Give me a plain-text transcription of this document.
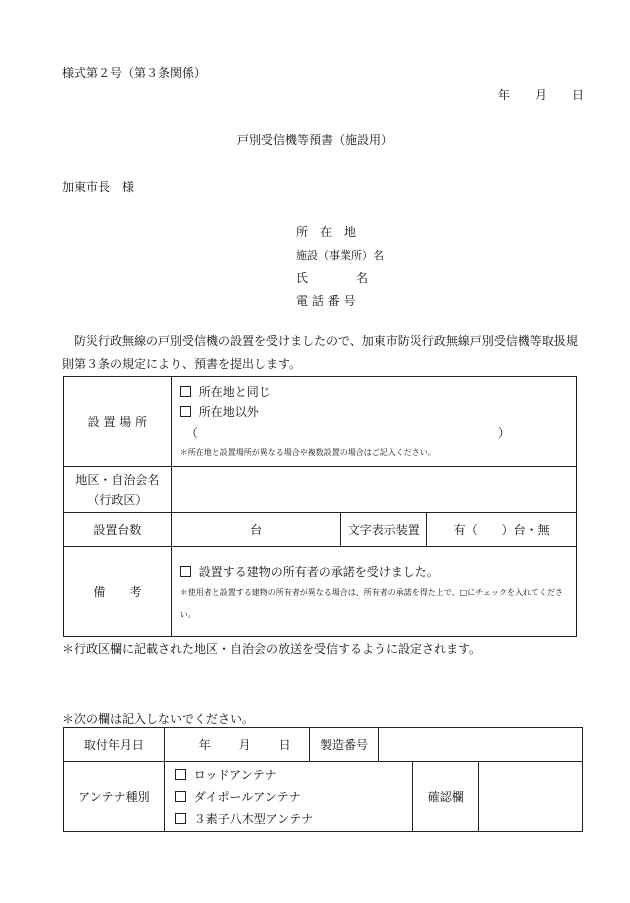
様式第２号（第３条関係）
年 月 日
戸別受信機等預書（施設用）
加東市長　様
所　在　地
施設（事業所）名
氏　　　　名
電 話 番 号
防災行政無線の戸別受信機の設置を受けましたので、加東市防災行政無線戸別受信機等取扱規則第３条の規定により、預書を提出します。
設 置 場 所	所在地と同じ
所在地以外
（ ）
＊所在地と設置場所が異なる場合や複数設置の場合はご記入ください。		

地区・自治会名
（行政区）			

設置台数	台	文字表示装置	有（　　）台・無
備　　考	設置する建物の所有者の承諾を受けました。
＊使用者と設置する建物の所有者が異なる場合は、所有者の承諾を得た上で、□にチェックを入れてください。		
＊行政区欄に記載された地区・自治会の放送を受信するように設定されます。
＊次の欄は記入しないでください。
取付年月日	年 月 日	製造番号			
アンテナ種別	ロッドアンテナ
ダイポールアンテナ
３素子八木型アンテナ			確認欄	
